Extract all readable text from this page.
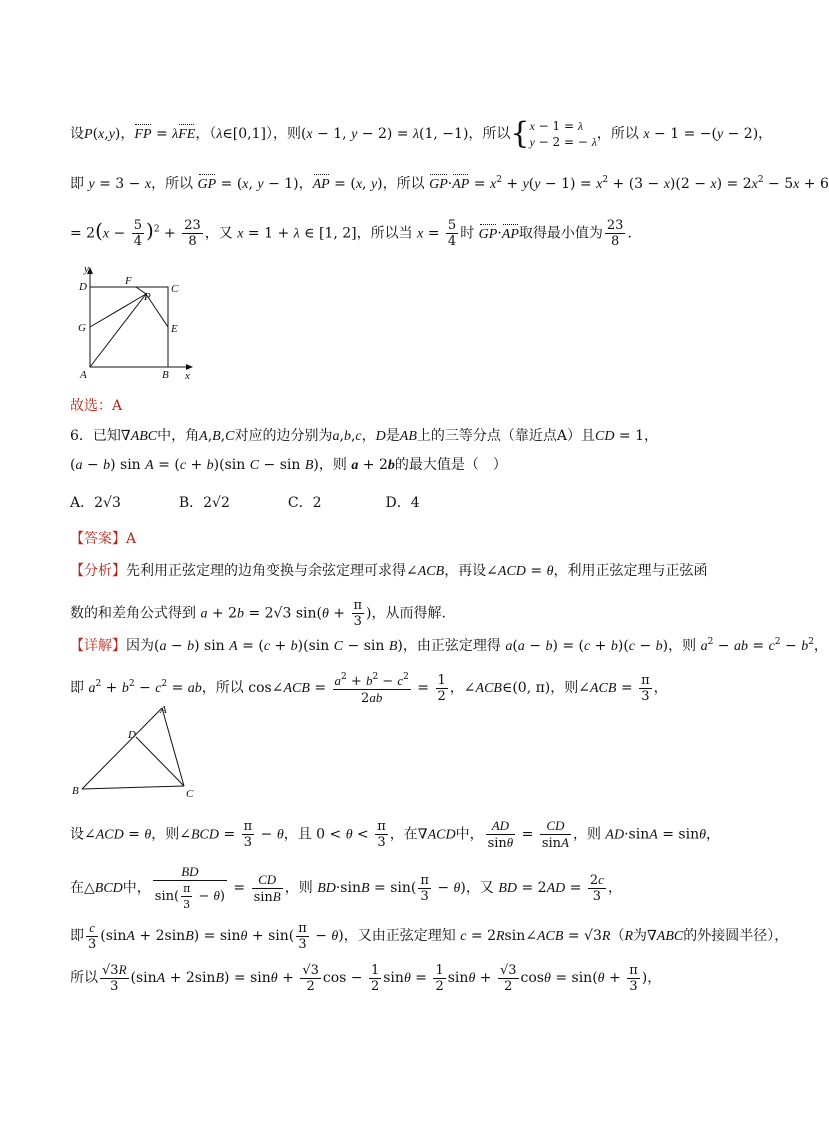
设P(x,y)，FP = λFE，（λ∈[0,1]），则(x − 1, y − 2) = λ(1, −1)，所以{x − 1 = λ
y − 2 = − λ，所以 x − 1 = −(y − 2)，
即 y = 3 − x，所以 GP = (x, y − 1)，AP = (x, y)，所以 $GP\cdot AP = x^2 + y(y - 1) = x^2 + (3 - x)(2 - x) = 2x^2 - 5x + 6$
= $2(x - \frac{5}{4} )^2 + \frac{23}{8}$ ，又 x = 1 + λ ∈ [1, 2]，所以当 $x = \frac{5}{4}$ 时 GP·AP取得最小值为 $\frac{23}{8}$ .
y
D	F
P
C
G	E
A	B x
故选：A
6．已知∇ABC中，角A,B,C对应的边分别为a,b,c，D是AB上的三等分点（靠近点A）且CD = 1，
(a − b) sin A = (c + b)(sin C − sin B)，则 a + 2b的最大值是（　）
A．2√3	B．2√2	C．2	D．4
【答案】A
【分析】先利用正弦定理的边角变换与余弦定理可求得∠ACB，再设∠ACD = θ，利用正弦定理与正弦函
数的和差角公式得到 a + 2b = 2√3 $\sin(\theta + \frac{\pi}{3}$ )，从而得解.
【详解】因为(a − b) sin A = (c + b)(sin C − sin B)，由正弦定理得 a(a − b) = (c + b)(c − b)，则 $a^2$ − ab = $c^2 - b^2$，
即 $a^2 + b^2 - c^2$ = ab，所以 cos∠ACB = $\frac{a^2 + b^2 - c^2}{2ab} = \frac{1}{2}$ ，∠ACB∈(0, π)，则∠ACB = $\frac{\pi}{3}$ ，
A
D
B	C
设∠ACD = θ，则∠BCD = $\frac{\pi}{3} - \theta$，且 $0 < \theta < \frac{\pi}{3}$ ，在∇ACD中， $\frac{AD}{\sin\theta} = \frac{CD}{\sin A}$ ，则 AD·sinA = sinθ，
在△BCD中， $\frac{BD}{\sin( \frac{\pi}{3} - \theta)} = \frac{CD}{\sin B}$ ，则 $BD\cdot\sin B = \sin( \frac{\pi}{3} - \theta)$，又 BD = $2AD = \frac{2c}{3}$ ，
即 $\frac{c}{3} (\sin A + 2\sin B) = \sin\theta + \sin( \frac{\pi}{3} - \theta)$，又由正弦定理知 c = 2Rsin∠ACB = √3R（R为∇ABC的外接圆半径），
所以 $\frac{√3R}{3} (\sin A + 2\sin B) = \sin\theta + \frac{√3}{2}$ $\cos - \frac{1}{2}$ $\sin\theta = \frac{1}{2}$ $\sin\theta + \frac{√3}{2}$ $\cos\theta = \sin(\theta + \frac{\pi}{3}$ )，
